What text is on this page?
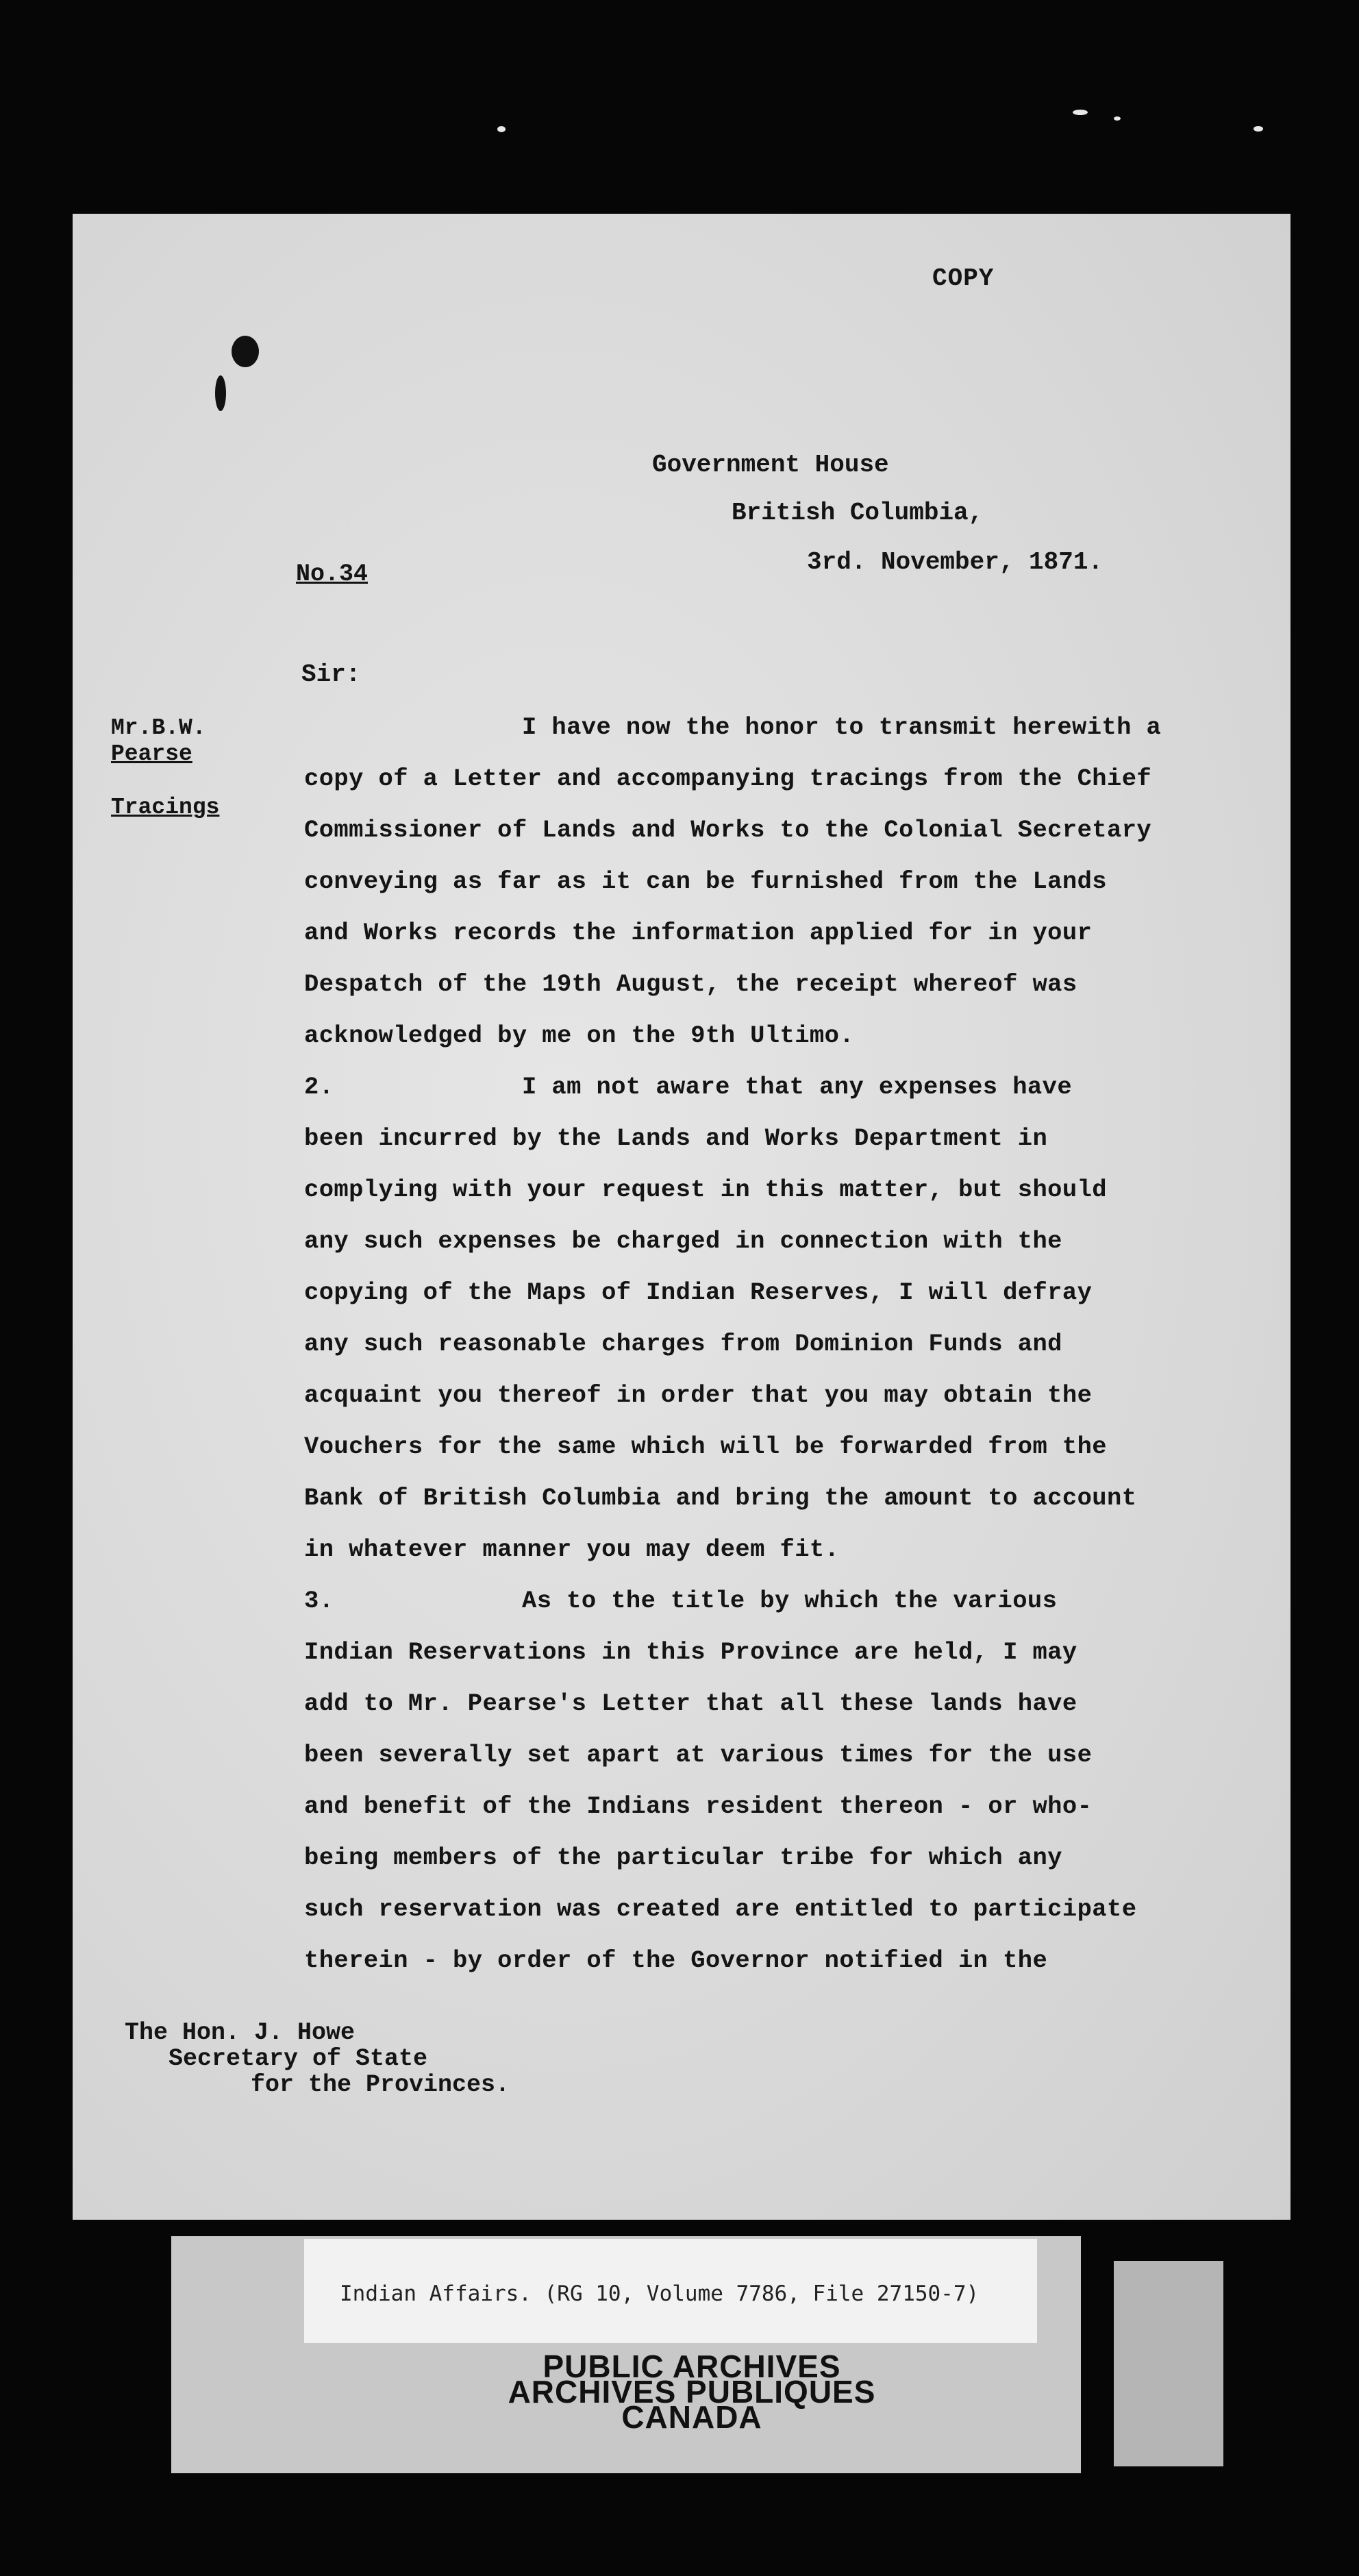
COPY
Government House
British Columbia,
3rd. November, 1871.
No.34
Sir:
Mr.B.W.
Pearse
Tracings
I have now the honor to transmit herewith a
copy of a Letter and accompanying tracings from the Chief
Commissioner of Lands and Works to the Colonial Secretary
conveying as far as it can be furnished from the Lands
and Works records the information applied for in your
Despatch of the 19th August, the receipt whereof was
acknowledged by me on the 9th Ultimo.
2.	I am not aware that any expenses have
been incurred by the Lands and Works Department in
complying with your request in this matter, but should
any such expenses be charged in connection with the
copying of the Maps of Indian Reserves, I will defray
any such reasonable charges from Dominion Funds and
acquaint you thereof in order that you may obtain the
Vouchers for the same which will be forwarded from the
Bank of British Columbia and bring the amount to account
in whatever manner you may deem fit.
3.	As to the title by which the various
Indian Reservations in this Province are held, I may
add to Mr. Pearse's Letter that all these lands have
been severally set apart at various times for the use
and benefit of the Indians resident thereon - or who-
being members of the particular tribe for which any
such reservation was created are entitled to participate
therein - by order of the Governor notified in the
The Hon. J. Howe
Secretary of State
for the Provinces.
Indian Affairs. (RG 10, Volume 7786, File 27150-7)
PUBLIC ARCHIVES
ARCHIVES PUBLIQUES
CANADA
